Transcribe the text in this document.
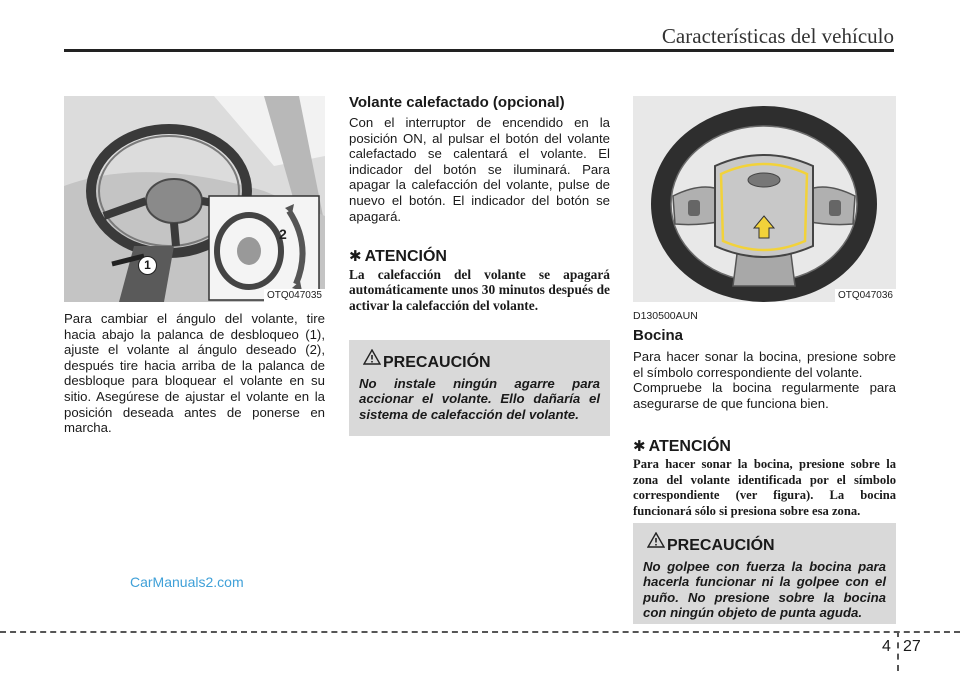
Características del vehículo
1
2
OTQ047035

Para cambiar el ángulo del volante, tire hacia abajo la palanca de desbloqueo (1), ajuste el volante al ángulo deseado (2), después tire hacia arriba de la palanca de desbloque para bloquear el volante en su sitio. Asegúrese de ajustar el volante en la posición deseada antes de ponerse en marcha.

Volante calefactado (opcional)

Con el interruptor de encendido en la posición ON, al pulsar el botón del volante calefactado se calentará el volante. El indicador del botón se iluminará. Para apagar la calefacción del volante, pulse de nuevo el botón. El indicador del botón se apagará.

✱ ATENCIÓN

La calefacción del volante se apagará automáticamente unos 30 minutos después de activar la calefacción del volante.

PRECAUCIÓN

No instale ningún agarre para accionar el volante. Ello dañaría el sistema de calefacción del volante.

OTQ047036

D130500AUN

Bocina

Para hacer sonar la bocina, presione sobre el símbolo correspondiente del volante.
Compruebe la bocina regularmente para asegurarse de que funciona bien.

✱ ATENCIÓN

Para hacer sonar la bocina, presione sobre la zona del volante identificada por el símbolo correspondiente (ver figura). La bocina funcionará sólo si presiona sobre esa zona.

PRECAUCIÓN

No golpee con fuerza la bocina para hacerla funcionar ni la golpee con el puño. No presione sobre la bocina con ningún objeto de punta aguda.

CarManuals2.com
4 27
